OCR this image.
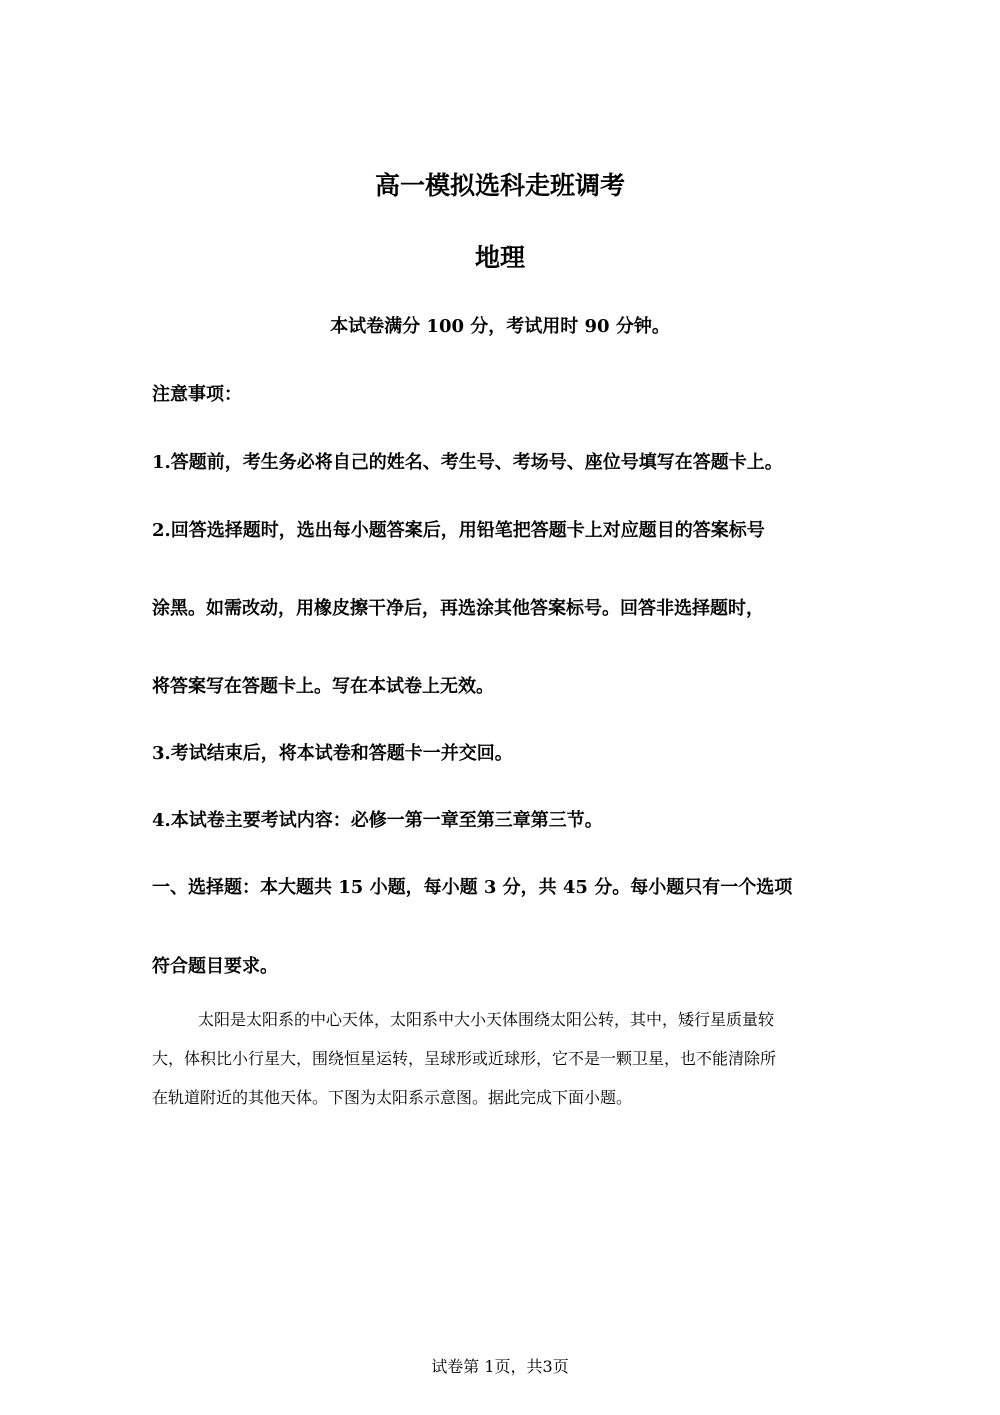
高一模拟选科走班调考
地理
本试卷满分 100 分，考试用时 90 分钟。
注意事项：
1.答题前，考生务必将自己的姓名、考生号、考场号、座位号填写在答题卡上。
2.回答选择题时，选出每小题答案后，用铅笔把答题卡上对应题目的答案标号
涂黑。如需改动，用橡皮擦干净后，再选涂其他答案标号。回答非选择题时，
将答案写在答题卡上。写在本试卷上无效。
3.考试结束后，将本试卷和答题卡一并交回。
4.本试卷主要考试内容：必修一第一章至第三章第三节。
一、选择题：本大题共 15 小题，每小题 3 分，共 45 分。每小题只有一个选项
符合题目要求。
太阳是太阳系的中心天体，太阳系中大小天体围绕太阳公转，其中，矮行星质量较
大，体积比小行星大，围绕恒星运转，呈球形或近球形，它不是一颗卫星，也不能清除所
在轨道附近的其他天体。下图为太阳系示意图。据此完成下面小题。
试卷第 1页，共3页
